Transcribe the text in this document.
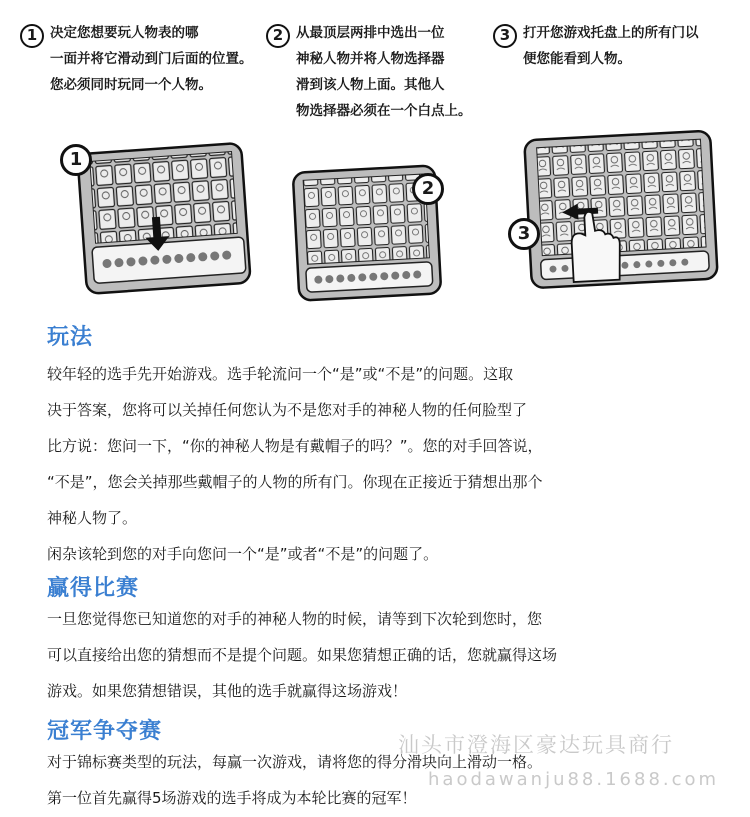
1 决定您想要玩人物表的哪
一面并将它滑动到门后面的位置。
您必须同时玩同一个人物。
2 从最顶层两排中选出一位
神秘人物并将人物选择器
滑到该人物上面。其他人
物选择器必须在一个白点上。
3 打开您游戏托盘上的所有门以
便您能看到人物。
1
2
3
玩法
较年轻的选手先开始游戏。选手轮流问一个“是”或“不是”的问题。这取
决于答案，您将可以关掉任何您认为不是您对手的神秘人物的任何脸型了
比方说：您问一下，“你的神秘人物是有戴帽子的吗？”。您的对手回答说，
“不是”，您会关掉那些戴帽子的人物的所有门。你现在正接近于猜想出那个
神秘人物了。
闲杂该轮到您的对手向您问一个“是”或者“不是”的问题了。
赢得比赛
一旦您觉得您已知道您的对手的神秘人物的时候，请等到下次轮到您时，您
可以直接给出您的猜想而不是提个问题。如果您猜想正确的话，您就赢得这场
游戏。如果您猜想错误，其他的选手就赢得这场游戏！
冠军争夺赛
对于锦标赛类型的玩法，每赢一次游戏，请将您的得分滑块向上滑动一格。
第一位首先赢得5场游戏的选手将成为本轮比赛的冠军！
汕头市澄海区豪达玩具商行
haodawanju88.1688.com
